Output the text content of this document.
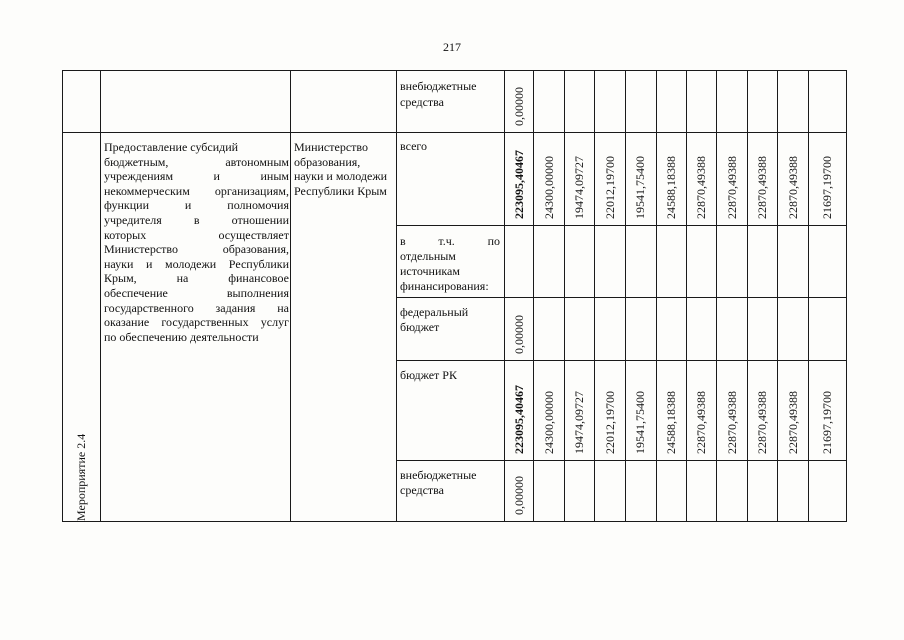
217
Мероприятие 2.4
Предоставление субсидий
бюджетным, автономным
учреждениям и иным
некоммерческим организациям,
функции и полномочия
учредителя в отношении
которых осуществляет
Министерство образования,
науки и молодежи Республики
Крым, на финансовое
обеспечение выполнения
государственного задания на
оказание государственных услуг
по обеспечению деятельности
Министерство
образования,
науки и молодежи
Республики Крым
внебюджетные средства
всего
в т.ч. по
отдельным
источникам
финансирования:
федеральный
бюджет
бюджет РК
внебюджетные
средства
0,00000
223095,40467 24300,00000 19474,09727 22012,19700 19541,75400 24588,18388 22870,49388 22870,49388 22870,49388 22870,49388 21697,19700
0,00000
223095,40467 24300,00000 19474,09727 22012,19700 19541,75400 24588,18388 22870,49388 22870,49388 22870,49388 22870,49388 21697,19700
0,00000
